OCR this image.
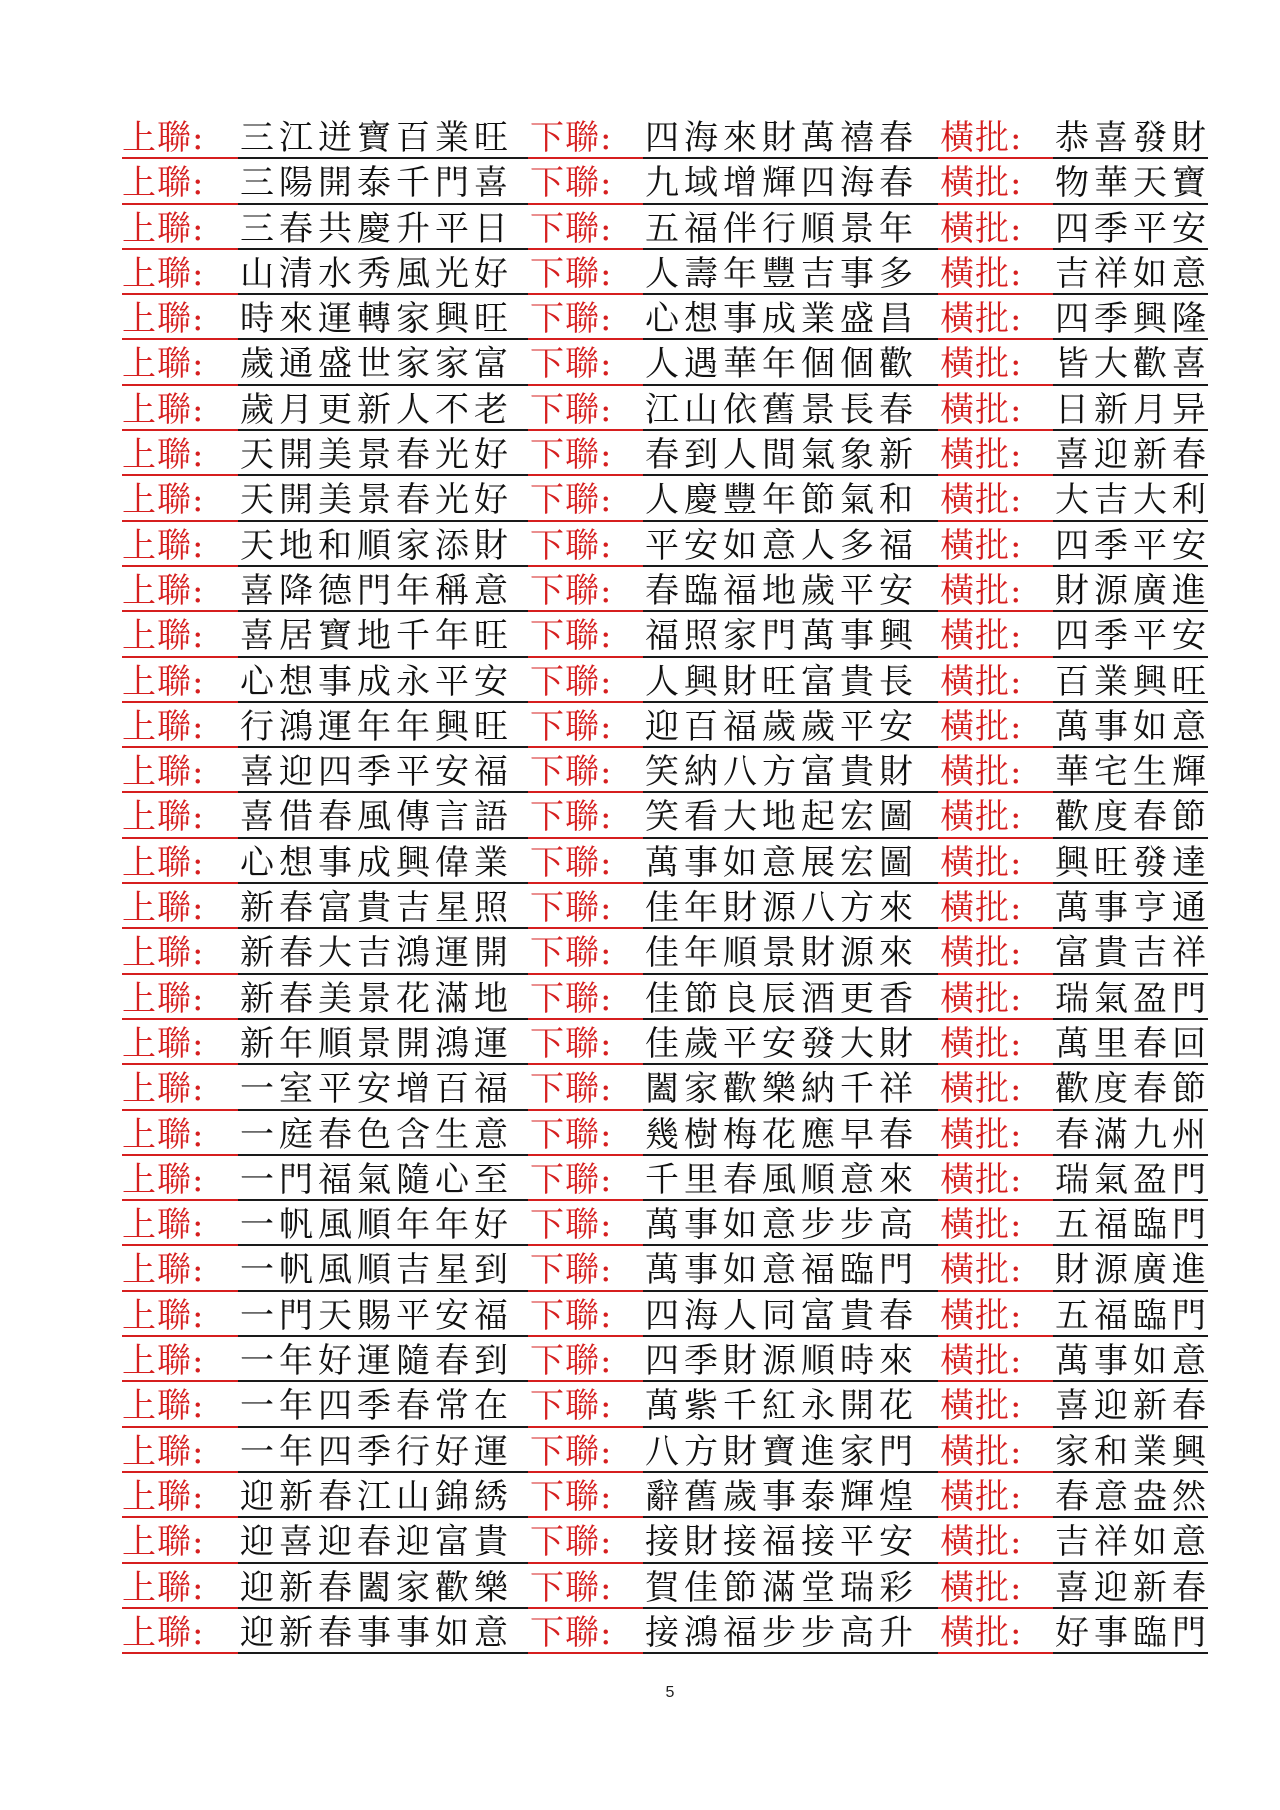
上聯: 三江迸寶百業旺 下聯: 四海來財萬禧春 橫批: 恭喜發財
上聯: 三陽開泰千門喜 下聯: 九域增輝四海春 橫批: 物華天寶
上聯: 三春共慶升平日 下聯: 五福伴行順景年 橫批: 四季平安
上聯: 山清水秀風光好 下聯: 人壽年豐吉事多 橫批: 吉祥如意
上聯: 時來運轉家興旺 下聯: 心想事成業盛昌 橫批: 四季興隆
上聯: 歲通盛世家家富 下聯: 人遇華年個個歡 橫批: 皆大歡喜
上聯: 歲月更新人不老 下聯: 江山依舊景長春 橫批: 日新月异
上聯: 天開美景春光好 下聯: 春到人間氣象新 橫批: 喜迎新春
上聯: 天開美景春光好 下聯: 人慶豐年節氣和 橫批: 大吉大利
上聯: 天地和順家添財 下聯: 平安如意人多福 橫批: 四季平安
上聯: 喜降德門年稱意 下聯: 春臨福地歲平安 橫批: 財源廣進
上聯: 喜居寶地千年旺 下聯: 福照家門萬事興 橫批: 四季平安
上聯: 心想事成永平安 下聯: 人興財旺富貴長 橫批: 百業興旺
上聯: 行鴻運年年興旺 下聯: 迎百福歲歲平安 橫批: 萬事如意
上聯: 喜迎四季平安福 下聯: 笑納八方富貴財 橫批: 華宅生輝
上聯: 喜借春風傳言語 下聯: 笑看大地起宏圖 橫批: 歡度春節
上聯: 心想事成興偉業 下聯: 萬事如意展宏圖 橫批: 興旺發達
上聯: 新春富貴吉星照 下聯: 佳年財源八方來 橫批: 萬事亨通
上聯: 新春大吉鴻運開 下聯: 佳年順景財源來 橫批: 富貴吉祥
上聯: 新春美景花滿地 下聯: 佳節良辰酒更香 橫批: 瑞氣盈門
上聯: 新年順景開鴻運 下聯: 佳歲平安發大財 橫批: 萬里春回
上聯: 一室平安增百福 下聯: 闔家歡樂納千祥 橫批: 歡度春節
上聯: 一庭春色含生意 下聯: 幾樹梅花應早春 橫批: 春滿九州
上聯: 一門福氣隨心至 下聯: 千里春風順意來 橫批: 瑞氣盈門
上聯: 一帆風順年年好 下聯: 萬事如意步步高 橫批: 五福臨門
上聯: 一帆風順吉星到 下聯: 萬事如意福臨門 橫批: 財源廣進
上聯: 一門天賜平安福 下聯: 四海人同富貴春 橫批: 五福臨門
上聯: 一年好運隨春到 下聯: 四季財源順時來 橫批: 萬事如意
上聯: 一年四季春常在 下聯: 萬紫千紅永開花 橫批: 喜迎新春
上聯: 一年四季行好運 下聯: 八方財寶進家門 橫批: 家和業興
上聯: 迎新春江山錦綉 下聯: 辭舊歲事泰輝煌 橫批: 春意盎然
上聯: 迎喜迎春迎富貴 下聯: 接財接福接平安 橫批: 吉祥如意
上聯: 迎新春闔家歡樂 下聯: 賀佳節滿堂瑞彩 橫批: 喜迎新春
上聯: 迎新春事事如意 下聯: 接鴻福步步高升 橫批: 好事臨門
5
